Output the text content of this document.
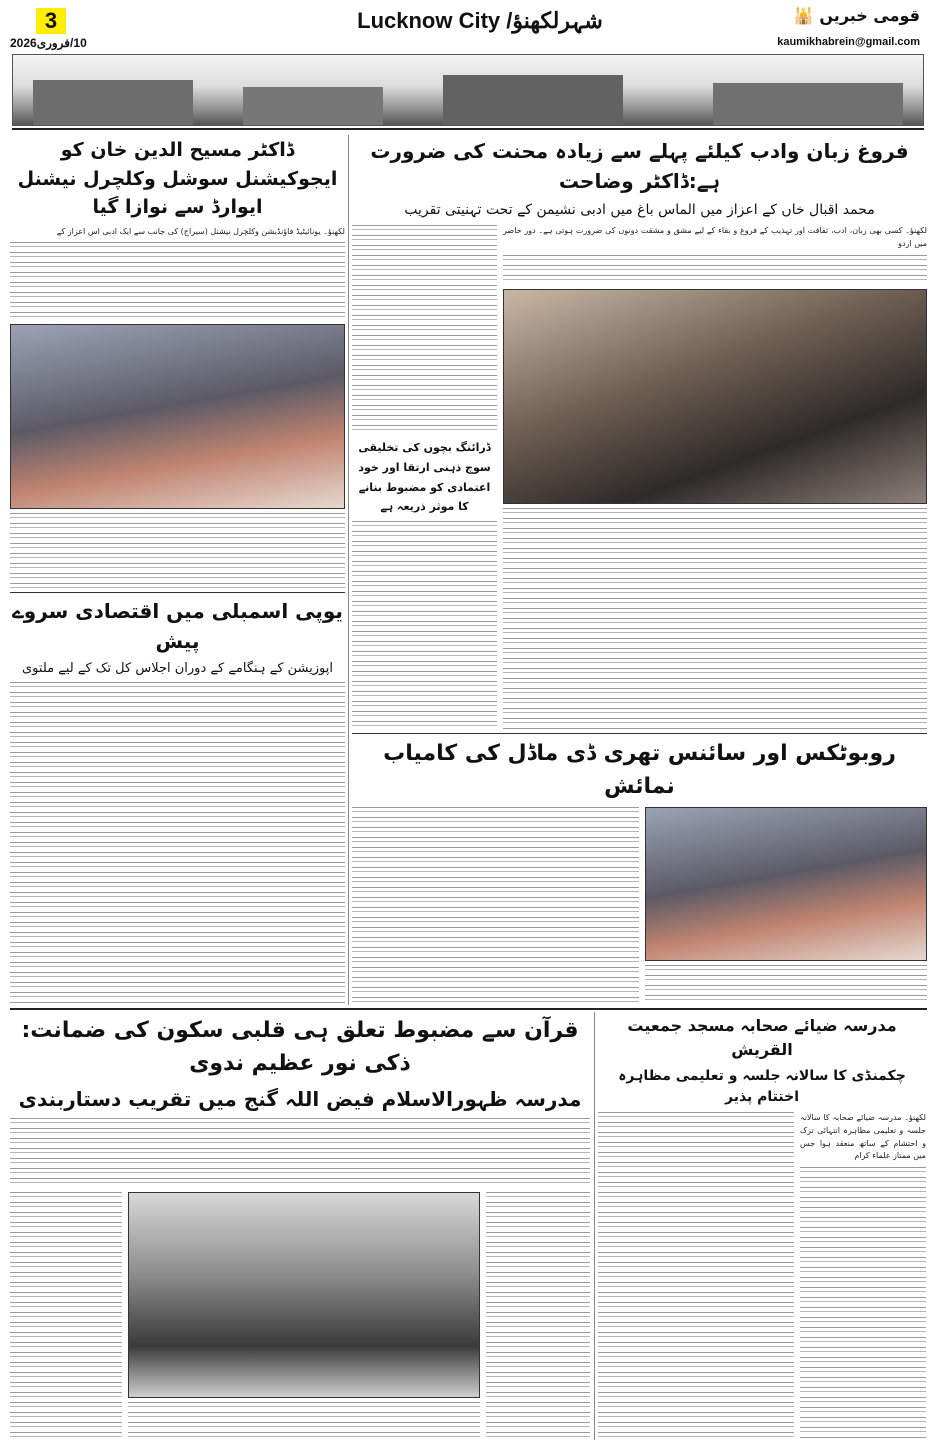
3
10/فروری2026
Lucknow City /شہرلکھنؤ	قومی خبریں 🕌
kaumikhabrein@gmail.com
ڈاکٹر مسیح الدین خان کو ایجوکیشنل سوشل وکلچرل نیشنل ایوارڈ سے نوازا گیا
لکھنؤ۔ یونائیٹیڈ فاؤنڈیشن وکلچرل نیشنل (سیراج) کی جانب سے ایک ادبی اس اعزاز کے
یوپی اسمبلی میں اقتصادی سروے پیش
اپوزیشن کے ہنگامے کے دوران اجلاس کل تک کے لیے ملتوی
فروغ زبان وادب کیلئے پہلے سے زیادہ محنت کی ضرورت ہے:ڈاکٹر وضاحت
محمد اقبال خاں کے اعزاز میں الماس باغ میں ادبی نشیمن کے تحت تہنیتی تقریب
ڈرائنگ بچوں کی تخلیقی سوچ ذہنی ارتقا اور خود اعتمادی کو مضبوط بنانے کا موثر ذریعہ ہے
لکھنؤ۔ کسی بھی زبان، ادب، ثقافت اور تہذیب کے فروغ و بقاء کے لیے مشق و مشقت دونوں کی ضرورت ہوتی ہے۔ دور حاضر میں اردو
روبوٹکس اور سائنس تھری ڈی ماڈل کی کامیاب نمائش
قرآن سے مضبوط تعلق ہی قلبی سکون کی ضمانت: ذکی نور عظیم ندوی
مدرسہ ظہورالاسلام فیض اللہ گنج میں تقریب دستاربندی
مدرسہ ضیائے صحابہ مسجد جمعیت القریش
چکمنڈی کا سالانہ جلسہ و تعلیمی مظاہرہ اختتام پذیر
لکھنؤ۔ مدرسہ ضیائے صحابہ کا سالانہ جلسہ و تعلیمی مظاہرہ انتہائی تزک و احتشام کے ساتھ منعقد ہوا جس میں ممتاز علماء کرام
